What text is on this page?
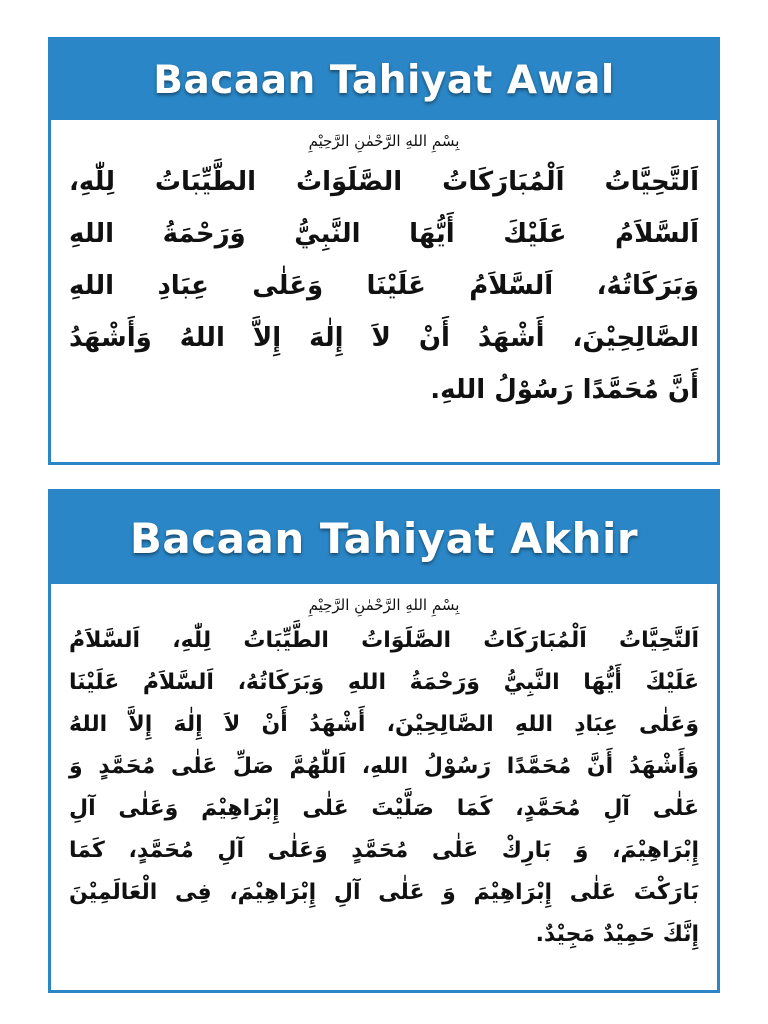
Bacaan Tahiyat Awal
بِسْمِ اللهِ الرَّحْمٰنِ الرَّحِيْمِ
اَلتَّحِيَّاتُ اَلْمُبَارَكَاتُ الصَّلَوَاتُ الطَّيِّبَاتُ لِلّٰهِ،
اَلسَّلاَمُ عَلَيْكَ أَيُّهَا النَّبِيُّ وَرَحْمَةُ اللهِ
وَبَرَكَاتُهُ، اَلسَّلاَمُ عَلَيْنَا وَعَلٰى عِبَادِ اللهِ
الصَّالِحِيْنَ، أَشْهَدُ أَنْ لاَ إِلٰهَ إِلاَّ اللهُ وَأَشْهَدُ
أَنَّ مُحَمَّدًا رَسُوْلُ اللهِ.
Bacaan Tahiyat Akhir
بِسْمِ اللهِ الرَّحْمٰنِ الرَّحِيْمِ
اَلتَّحِيَّاتُ اَلْمُبَارَكَاتُ الصَّلَوَاتُ الطَّيِّبَاتُ لِلّٰهِ، اَلسَّلاَمُ
عَلَيْكَ أَيُّهَا النَّبِيُّ وَرَحْمَةُ اللهِ وَبَرَكَاتُهُ، اَلسَّلاَمُ عَلَيْنَا
وَعَلٰى عِبَادِ اللهِ الصَّالِحِيْنَ، أَشْهَدُ أَنْ لاَ إِلٰهَ إِلاَّ اللهُ
وَأَشْهَدُ أَنَّ مُحَمَّدًا رَسُوْلُ اللهِ، اَللّٰهُمَّ صَلِّ عَلٰى مُحَمَّدٍ وَ
عَلٰى آلِ مُحَمَّدٍ، كَمَا صَلَّيْتَ عَلٰى إِبْرَاهِيْمَ وَعَلٰى آلِ
إِبْرَاهِيْمَ، وَ بَارِكْ عَلٰى مُحَمَّدٍ وَعَلٰى آلِ مُحَمَّدٍ، كَمَا
بَارَكْتَ عَلٰى إِبْرَاهِيْمَ وَ عَلٰى آلِ إِبْرَاهِيْمَ، فِى الْعَالَمِيْنَ
إِنَّكَ حَمِيْدٌ مَجِيْدٌ.
